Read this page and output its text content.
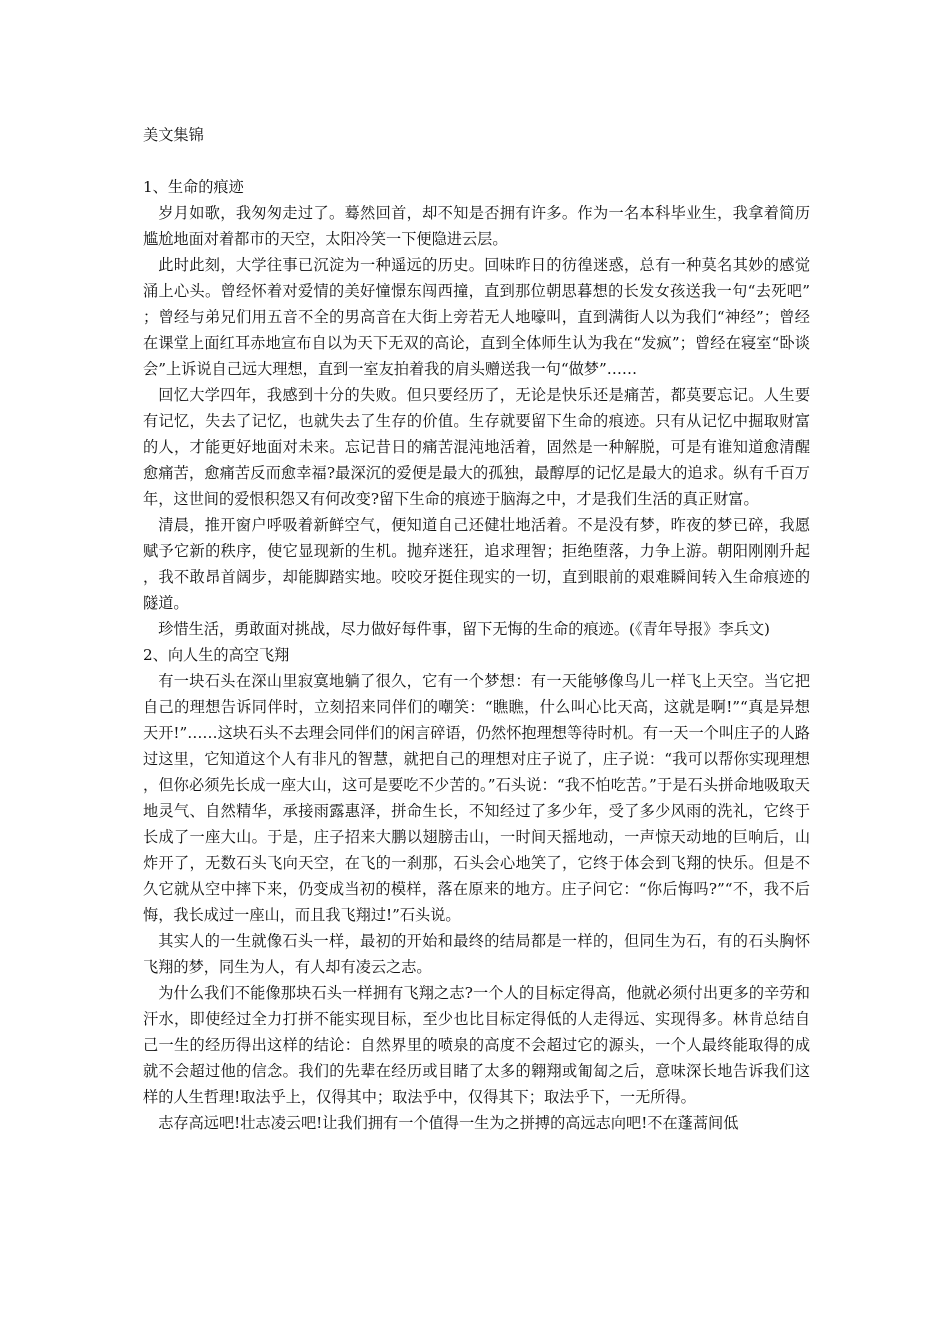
美文集锦
1、生命的痕迹

岁月如歌，我匆匆走过了。蓦然回首，却不知是否拥有许多。作为一名本科毕业生，我拿着简历尴尬地面对着都市的天空，太阳冷笑一下便隐进云层。

此时此刻，大学往事已沉淀为一种遥远的历史。回味昨日的彷徨迷惑，总有一种莫名其妙的感觉涌上心头。曾经怀着对爱情的美好憧憬东闯西撞，直到那位朝思暮想的长发女孩送我一句“去死吧”；曾经与弟兄们用五音不全的男高音在大街上旁若无人地嚎叫，直到满街人以为我们“神经”；曾经在课堂上面红耳赤地宣布自以为天下无双的高论，直到全体师生认为我在“发疯”；曾经在寝室“卧谈会”上诉说自己远大理想，直到一室友拍着我的肩头赠送我一句“做梦”……

回忆大学四年，我感到十分的失败。但只要经历了，无论是快乐还是痛苦，都莫要忘记。人生要有记忆，失去了记忆，也就失去了生存的价值。生存就要留下生命的痕迹。只有从记忆中掘取财富的人，才能更好地面对未来。忘记昔日的痛苦混沌地活着，固然是一种解脱，可是有谁知道愈清醒愈痛苦，愈痛苦反而愈幸福?最深沉的爱便是最大的孤独，最醇厚的记忆是最大的追求。纵有千百万年，这世间的爱恨积怨又有何改变?留下生命的痕迹于脑海之中，才是我们生活的真正财富。

清晨，推开窗户呼吸着新鲜空气，便知道自己还健壮地活着。不是没有梦，昨夜的梦已碎，我愿赋予它新的秩序，使它显现新的生机。抛弃迷狂，追求理智；拒绝堕落，力争上游。朝阳刚刚升起，我不敢昂首阔步，却能脚踏实地。咬咬牙挺住现实的一切，直到眼前的艰难瞬间转入生命痕迹的隧道。

珍惜生活，勇敢面对挑战，尽力做好每件事，留下无悔的生命的痕迹。(《青年导报》李兵文)

2、向人生的高空飞翔

有一块石头在深山里寂寞地躺了很久，它有一个梦想：有一天能够像鸟儿一样飞上天空。当它把自己的理想告诉同伴时，立刻招来同伴们的嘲笑：“瞧瞧，什么叫心比天高，这就是啊!”“真是异想天开!”……这块石头不去理会同伴们的闲言碎语，仍然怀抱理想等待时机。有一天一个叫庄子的人路过这里，它知道这个人有非凡的智慧，就把自己的理想对庄子说了，庄子说：“我可以帮你实现理想，但你必须先长成一座大山，这可是要吃不少苦的。”石头说：“我不怕吃苦。”于是石头拼命地吸取天地灵气、自然精华，承接雨露惠泽，拼命生长，不知经过了多少年，受了多少风雨的洗礼，它终于长成了一座大山。于是，庄子招来大鹏以翅膀击山，一时间天摇地动，一声惊天动地的巨响后，山炸开了，无数石头飞向天空，在飞的一刹那，石头会心地笑了，它终于体会到飞翔的快乐。但是不久它就从空中摔下来，仍变成当初的模样，落在原来的地方。庄子问它：“你后悔吗?”“不，我不后悔，我长成过一座山，而且我飞翔过!”石头说。

其实人的一生就像石头一样，最初的开始和最终的结局都是一样的，但同生为石，有的石头胸怀飞翔的梦，同生为人，有人却有凌云之志。

为什么我们不能像那块石头一样拥有飞翔之志?一个人的目标定得高，他就必须付出更多的辛劳和汗水，即使经过全力打拼不能实现目标，至少也比目标定得低的人走得远、实现得多。林肯总结自己一生的经历得出这样的结论：自然界里的喷泉的高度不会超过它的源头，一个人最终能取得的成就不会超过他的信念。我们的先辈在经历或目睹了太多的翱翔或匍匐之后，意味深长地告诉我们这样的人生哲理!取法乎上，仅得其中；取法乎中，仅得其下；取法乎下，一无所得。

志存高远吧!壮志凌云吧!让我们拥有一个值得一生为之拼搏的高远志向吧!不在蓬蒿间低
